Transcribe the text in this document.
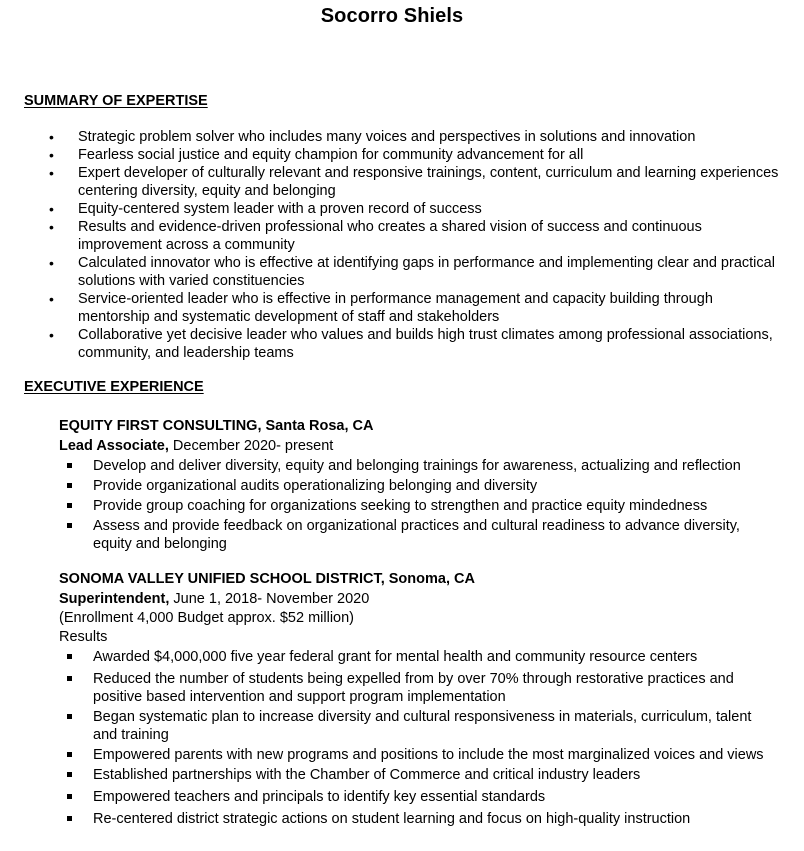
Socorro Shiels
SUMMARY OF EXPERTISE
• Strategic problem solver who includes many voices and perspectives in solutions and innovation
• Fearless social justice and equity champion for community advancement for all
• Expert developer of culturally relevant and responsive trainings, content, curriculum and learning experiences centering diversity, equity and belonging
• Equity-centered system leader with a proven record of success
• Results and evidence-driven professional who creates a shared vision of success and continuous improvement across a community
• Calculated innovator who is effective at identifying gaps in performance and implementing clear and practical solutions with varied constituencies
• Service-oriented leader who is effective in performance management and capacity building through mentorship and systematic development of staff and stakeholders
• Collaborative yet decisive leader who values and builds high trust climates among professional associations, community, and leadership teams
EXECUTIVE EXPERIENCE
EQUITY FIRST CONSULTING, Santa Rosa, CA
Lead Associate, December 2020- present
Develop and deliver diversity, equity and belonging trainings for awareness, actualizing and reflection
Provide organizational audits operationalizing belonging and diversity
Provide group coaching for organizations seeking to strengthen and practice equity mindedness
Assess and provide feedback on organizational practices and cultural readiness to advance diversity, equity and belonging
SONOMA VALLEY UNIFIED SCHOOL DISTRICT, Sonoma, CA
Superintendent, June 1, 2018- November 2020
(Enrollment 4,000 Budget approx. $52 million)
Results
Awarded $4,000,000 five year federal grant for mental health and community resource centers
Reduced the number of students being expelled from by over 70% through restorative practices and positive based intervention and support program implementation
Began systematic plan to increase diversity and cultural responsiveness in materials, curriculum, talent and training
Empowered parents with new programs and positions to include the most marginalized voices and views
Established partnerships with the Chamber of Commerce and critical industry leaders
Empowered teachers and principals to identify key essential standards
Re-centered district strategic actions on student learning and focus on high-quality instruction
